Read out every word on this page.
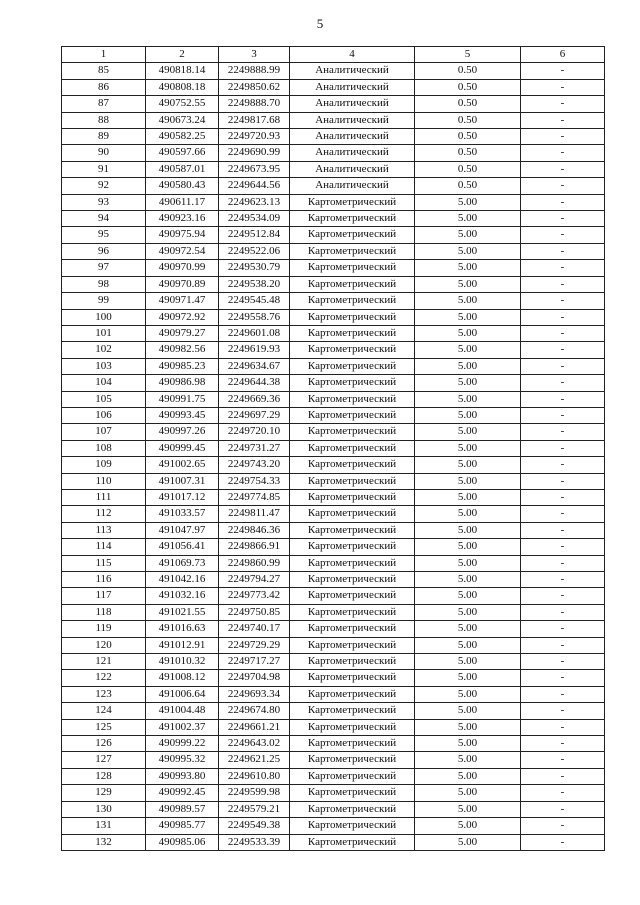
5
1	2	3	4	5	6
85	490818.14	2249888.99	Аналитический	0.50	-
86	490808.18	2249850.62	Аналитический	0.50	-
87	490752.55	2249888.70	Аналитический	0.50	-
88	490673.24	2249817.68	Аналитический	0.50	-
89	490582.25	2249720.93	Аналитический	0.50	-
90	490597.66	2249690.99	Аналитический	0.50	-
91	490587.01	2249673.95	Аналитический	0.50	-
92	490580.43	2249644.56	Аналитический	0.50	-
93	490611.17	2249623.13	Картометрический	5.00	-
94	490923.16	2249534.09	Картометрический	5.00	-
95	490975.94	2249512.84	Картометрический	5.00	-
96	490972.54	2249522.06	Картометрический	5.00	-
97	490970.99	2249530.79	Картометрический	5.00	-
98	490970.89	2249538.20	Картометрический	5.00	-
99	490971.47	2249545.48	Картометрический	5.00	-
100	490972.92	2249558.76	Картометрический	5.00	-
101	490979.27	2249601.08	Картометрический	5.00	-
102	490982.56	2249619.93	Картометрический	5.00	-
103	490985.23	2249634.67	Картометрический	5.00	-
104	490986.98	2249644.38	Картометрический	5.00	-
105	490991.75	2249669.36	Картометрический	5.00	-
106	490993.45	2249697.29	Картометрический	5.00	-
107	490997.26	2249720.10	Картометрический	5.00	-
108	490999.45	2249731.27	Картометрический	5.00	-
109	491002.65	2249743.20	Картометрический	5.00	-
110	491007.31	2249754.33	Картометрический	5.00	-
111	491017.12	2249774.85	Картометрический	5.00	-
112	491033.57	2249811.47	Картометрический	5.00	-
113	491047.97	2249846.36	Картометрический	5.00	-
114	491056.41	2249866.91	Картометрический	5.00	-
115	491069.73	2249860.99	Картометрический	5.00	-
116	491042.16	2249794.27	Картометрический	5.00	-
117	491032.16	2249773.42	Картометрический	5.00	-
118	491021.55	2249750.85	Картометрический	5.00	-
119	491016.63	2249740.17	Картометрический	5.00	-
120	491012.91	2249729.29	Картометрический	5.00	-
121	491010.32	2249717.27	Картометрический	5.00	-
122	491008.12	2249704.98	Картометрический	5.00	-
123	491006.64	2249693.34	Картометрический	5.00	-
124	491004.48	2249674.80	Картометрический	5.00	-
125	491002.37	2249661.21	Картометрический	5.00	-
126	490999.22	2249643.02	Картометрический	5.00	-
127	490995.32	2249621.25	Картометрический	5.00	-
128	490993.80	2249610.80	Картометрический	5.00	-
129	490992.45	2249599.98	Картометрический	5.00	-
130	490989.57	2249579.21	Картометрический	5.00	-
131	490985.77	2249549.38	Картометрический	5.00	-
132	490985.06	2249533.39	Картометрический	5.00	-
